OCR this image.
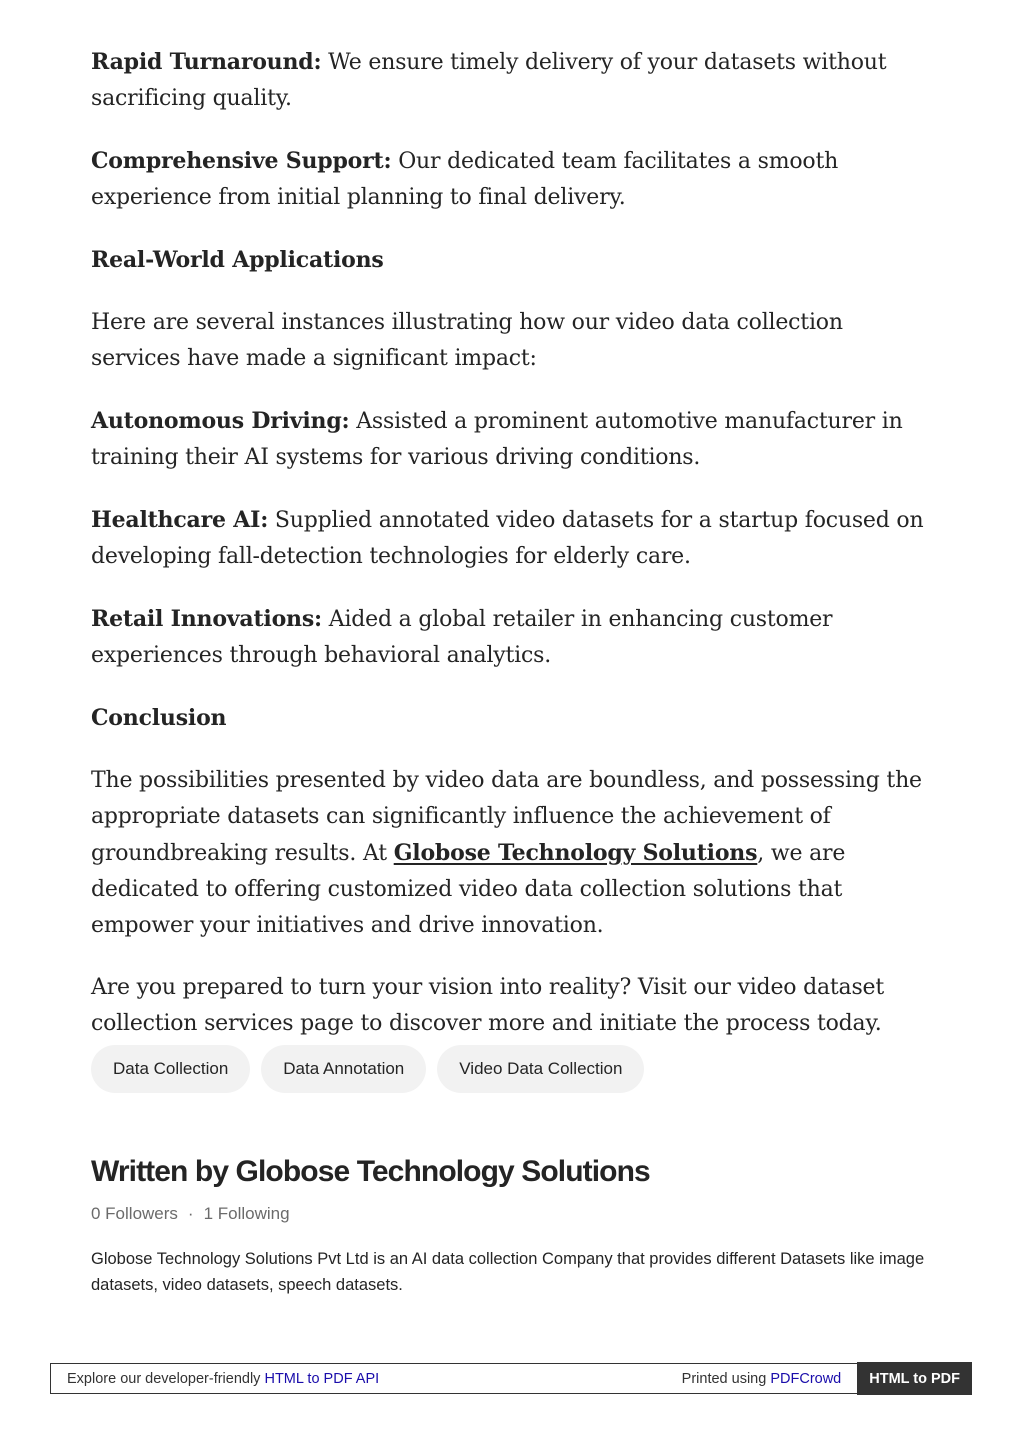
Rapid Turnaround: We ensure timely delivery of your datasets without sacrificing quality.

Comprehensive Support: Our dedicated team facilitates a smooth experience from initial planning to final delivery.

Real-World Applications

Here are several instances illustrating how our video data collection services have made a significant impact:

Autonomous Driving: Assisted a prominent automotive manufacturer in training their AI systems for various driving conditions.

Healthcare AI: Supplied annotated video datasets for a startup focused on developing fall-detection technologies for elderly care.

Retail Innovations: Aided a global retailer in enhancing customer experiences through behavioral analytics.

Conclusion

The possibilities presented by video data are boundless, and possessing the appropriate datasets can significantly influence the achievement of groundbreaking results. At Globose Technology Solutions, we are dedicated to offering customized video data collection solutions that empower your initiatives and drive innovation.

Are you prepared to turn your vision into reality? Visit our video dataset collection services page to discover more and initiate the process today.

Data Collection	Data Annotation	Video Data Collection
Written by Globose Technology Solutions
0 Followers · 1 Following
Globose Technology Solutions Pvt Ltd is an AI data collection Company that provides different Datasets like image datasets, video datasets, speech datasets.
Explore our developer-friendly HTML to PDF API	Printed using PDFCrowd	HTML to PDF
